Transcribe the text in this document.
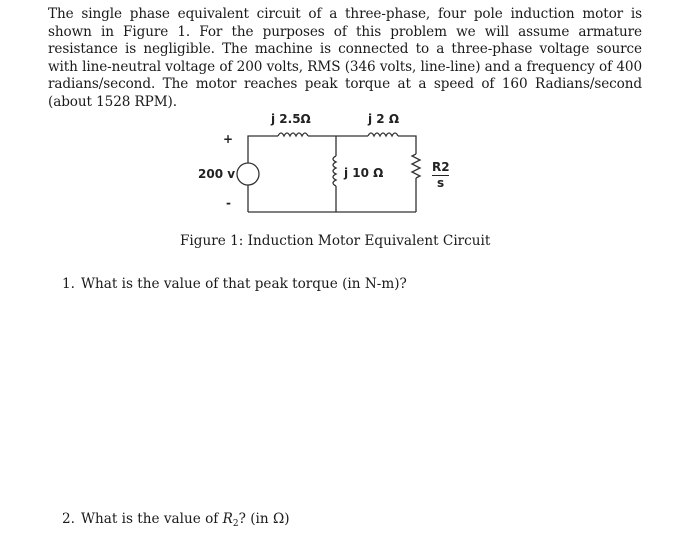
The single phase equivalent circuit of a three-phase, four pole induction motor is shown in Figure 1. For the purposes of this problem we will assume armature resistance is negligible. The machine is connected to a three-phase voltage source with line-neutral voltage of 200 volts, RMS (346 volts, line-line) and a frequency of 400 radians/second. The motor reaches peak torque at a speed of 160 Radians/second (about 1528 RPM).
+
200 v
-
j 2.5Ω	j 2 Ω
j 10 Ω	R2
s
Figure 1: Induction Motor Equivalent Circuit
1. What is the value of that peak torque (in N-m)?
2. What is the value of $R_2$? (in Ω)
